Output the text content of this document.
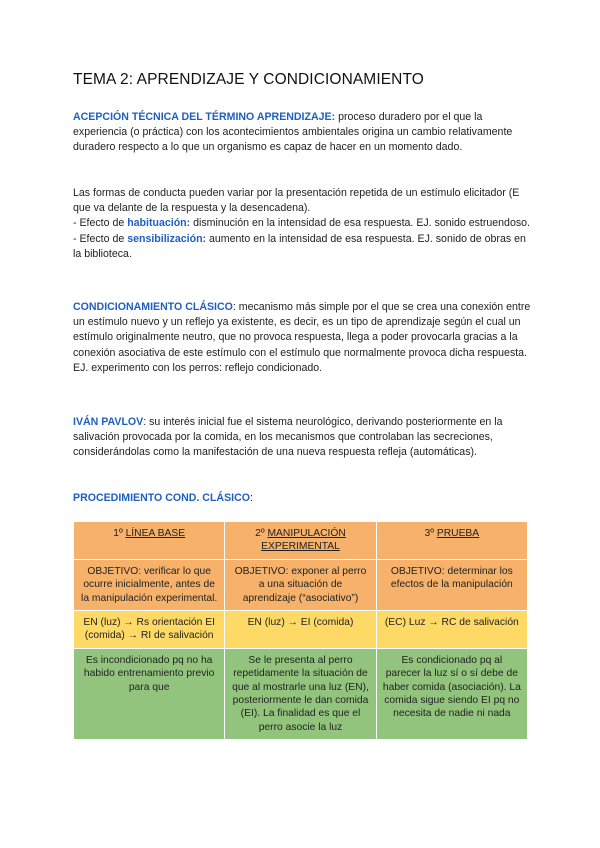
TEMA 2: APRENDIZAJE Y CONDICIONAMIENTO
ACEPCIÓN TÉCNICA DEL TÉRMINO APRENDIZAJE: proceso duradero por el que la experiencia (o práctica) con los acontecimientos ambientales origina un cambio relativamente duradero respecto a lo que un organismo es capaz de hacer en un momento dado.
Las formas de conducta pueden variar por la presentación repetida de un estímulo elicitador (E que va delante de la respuesta y la desencadena).
- Efecto de habituación: disminución en la intensidad de esa respuesta. EJ. sonido estruendoso.
- Efecto de sensibilización: aumento en la intensidad de esa respuesta. EJ. sonido de obras en la biblioteca.
CONDICIONAMIENTO CLÁSICO: mecanismo más simple por el que se crea una conexión entre un estímulo nuevo y un reflejo ya existente, es decir, es un tipo de aprendizaje según el cual un estímulo originalmente neutro, que no provoca respuesta, llega a poder provocarla gracias a la conexión asociativa de este estímulo con el estímulo que normalmente provoca dicha respuesta. EJ. experimento con los perros: reflejo condicionado.
IVÁN PAVLOV: su interés inicial fue el sistema neurológico, derivando posteriormente en la salivación provocada por la comida, en los mecanismos que controlaban las secreciones, considerándolas como la manifestación de una nueva respuesta refleja (automáticas).
PROCEDIMIENTO COND. CLÁSICO:
1º LÍNEA BASE	2º MANIPULACIÓN EXPERIMENTAL	3º PRUEBA
OBJETIVO: verificar lo que ocurre inicialmente, antes de la manipulación experimental.	OBJETIVO: exponer al perro a una situación de aprendizaje (“asociativo”)	OBJETIVO: determinar los efectos de la manipulación
EN (luz) → Rs orientación EI (comida) → RI de salivación	EN (luz) → EI (comida)	(EC) Luz → RC de salivación
Es incondicionado pq no ha habido entrenamiento previo para que	Se le presenta al perro repetidamente la situación de que al mostrarle una luz (EN), posteriormente le dan comida (EI). La finalidad es que el perro asocie la luz	Es condicionado pq al parecer la luz sí o sí debe de haber comida (asociación). La comida sigue siendo EI pq no necesita de nadie ni nada
